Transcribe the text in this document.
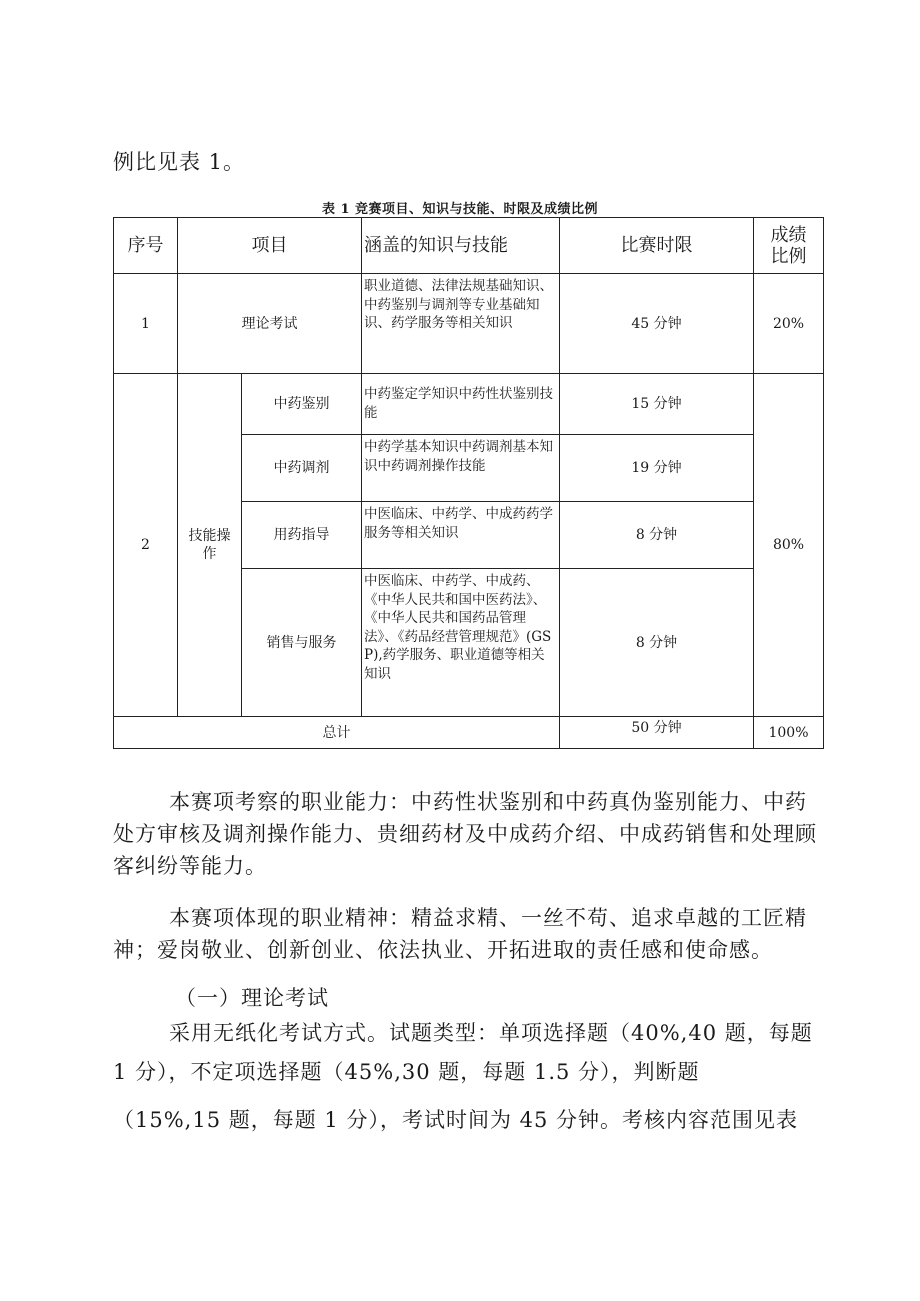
例比见表 1。
表 1 竞赛项目、知识与技能、时限及成绩比例
序号	项目		涵盖的知识与技能	比赛时限	成绩比例
1	理论考试		职业道德、法律法规基础知识、中药鉴别与调剂等专业基础知识、药学服务等相关知识	45 分钟	20%
2	技能操作	中药鉴别	中药鉴定学知识中药性状鉴别技能	15 分钟	80%
		中药调剂	中药学基本知识中药调剂基本知识中药调剂操作技能	19 分钟	
		用药指导	中医临床、中药学、中成药药学服务等相关知识	8 分钟	
		销售与服务	中医临床、中药学、中成药、《中华人民共和国中医药法》、《中华人民共和国药品管理法》、《药品经营管理规范》(GSP),药学服务、职业道德等相关知识	8 分钟	
总计				50 分钟	100%

本赛项考察的职业能力：中药性状鉴别和中药真伪鉴别能力、中药处方审核及调剂操作能力、贵细药材及中成药介绍、中成药销售和处理顾客纠纷等能力。

本赛项体现的职业精神：精益求精、一丝不苟、追求卓越的工匠精神；爱岗敬业、创新创业、依法执业、开拓进取的责任感和使命感。

（一）理论考试
采用无纸化考试方式。试题类型：单项选择题（40%,40 题，每题
1 分），不定项选择题（45%,30 题，每题 1.5 分），判断题
（15%,15 题，每题 1 分），考试时间为 45 分钟。考核内容范围见表
